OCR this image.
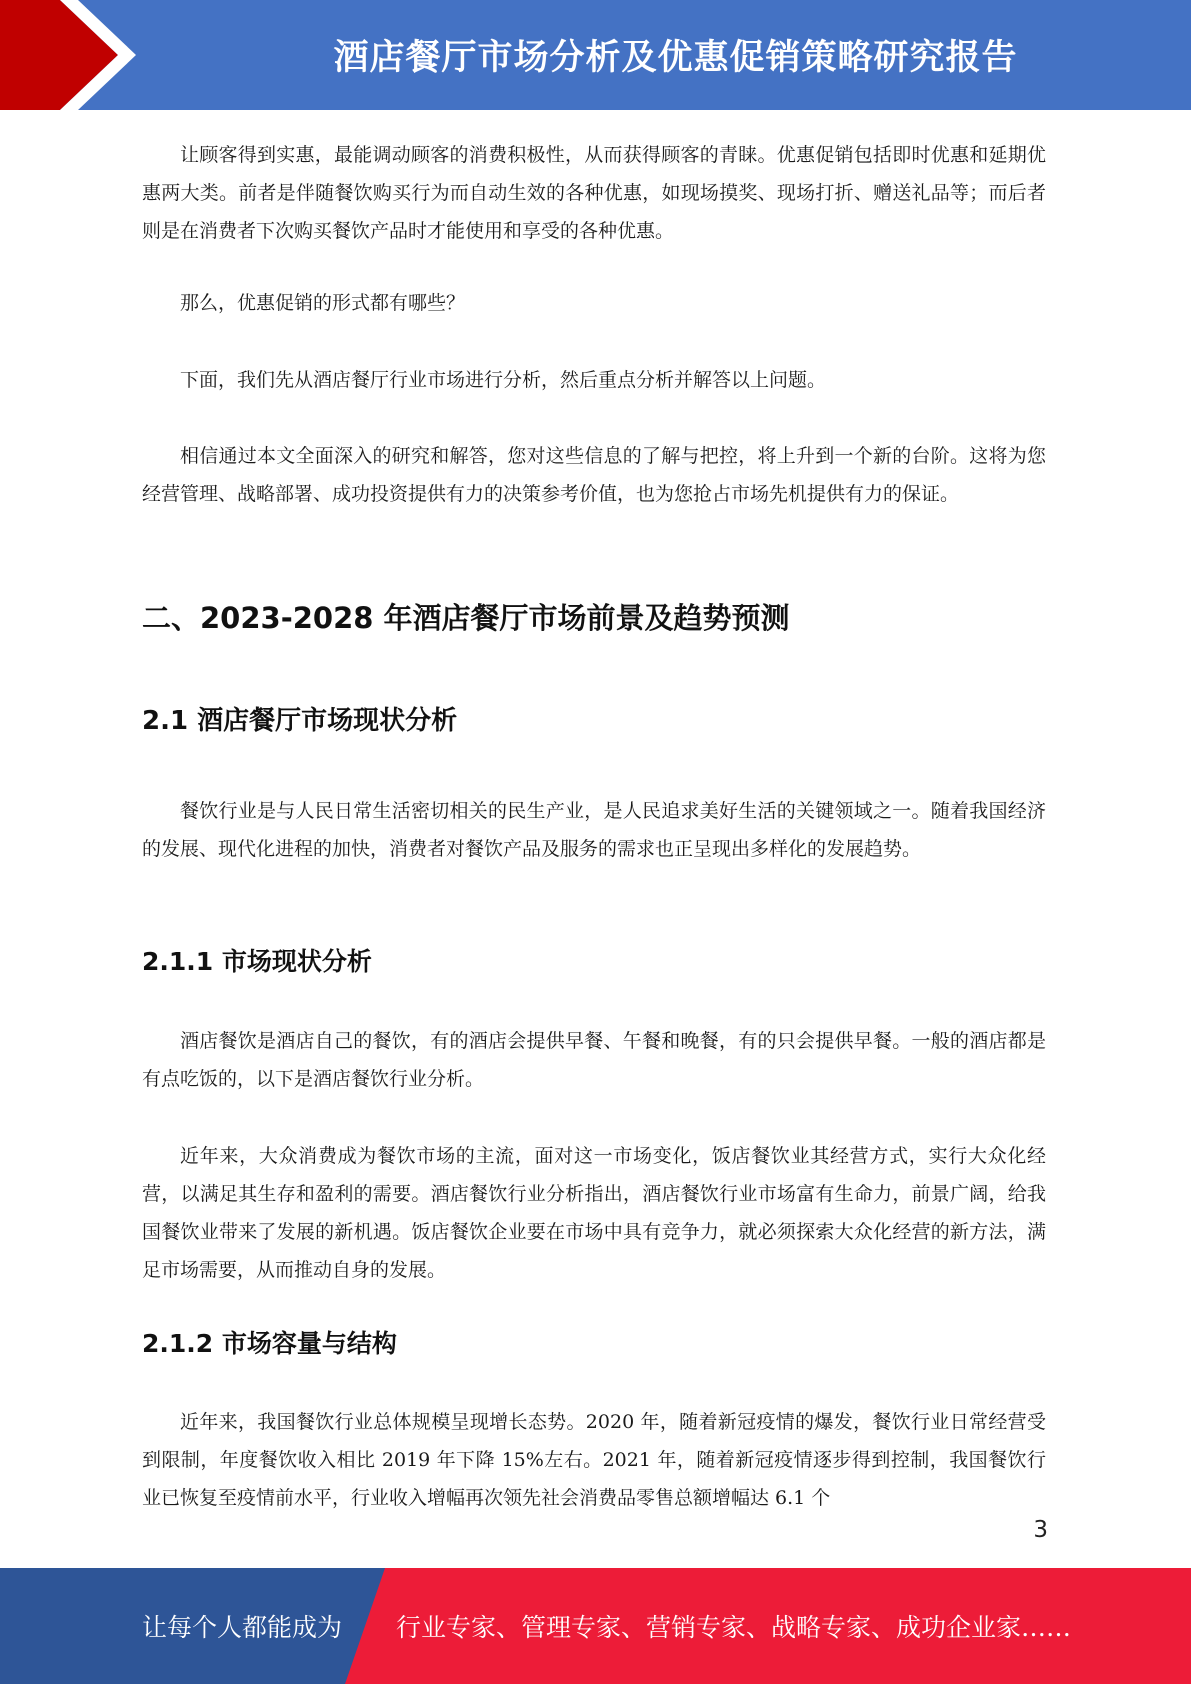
酒店餐厅市场分析及优惠促销策略研究报告

让顾客得到实惠，最能调动顾客的消费积极性，从而获得顾客的青睐。优惠促销包括即时优惠和延期优惠两大类。前者是伴随餐饮购买行为而自动生效的各种优惠，如现场摸奖、现场打折、赠送礼品等；而后者则是在消费者下次购买餐饮产品时才能使用和享受的各种优惠。

那么，优惠促销的形式都有哪些？

下面，我们先从酒店餐厅行业市场进行分析，然后重点分析并解答以上问题。

相信通过本文全面深入的研究和解答，您对这些信息的了解与把控，将上升到一个新的台阶。这将为您经营管理、战略部署、成功投资提供有力的决策参考价值，也为您抢占市场先机提供有力的保证。

二、2023-2028 年酒店餐厅市场前景及趋势预测
2.1 酒店餐厅市场现状分析

餐饮行业是与人民日常生活密切相关的民生产业，是人民追求美好生活的关键领域之一。随着我国经济的发展、现代化进程的加快，消费者对餐饮产品及服务的需求也正呈现出多样化的发展趋势。

2.1.1 市场现状分析

酒店餐饮是酒店自己的餐饮，有的酒店会提供早餐、午餐和晚餐，有的只会提供早餐。一般的酒店都是有点吃饭的，以下是酒店餐饮行业分析。

近年来，大众消费成为餐饮市场的主流，面对这一市场变化，饭店餐饮业其经营方式，实行大众化经营，以满足其生存和盈利的需要。酒店餐饮行业分析指出，酒店餐饮行业市场富有生命力，前景广阔，给我国餐饮业带来了发展的新机遇。饭店餐饮企业要在市场中具有竞争力，就必须探索大众化经营的新方法，满足市场需要，从而推动自身的发展。

2.1.2 市场容量与结构

近年来，我国餐饮行业总体规模呈现增长态势。2020 年，随着新冠疫情的爆发，餐饮行业日常经营受到限制，年度餐饮收入相比 2019 年下降 15%左右。2021 年，随着新冠疫情逐步得到控制，我国餐饮行业已恢复至疫情前水平，行业收入增幅再次领先社会消费品零售总额增幅达 6.1 个

3
让每个人都能成为 行业专家、管理专家、营销专家、战略专家、成功企业家……
